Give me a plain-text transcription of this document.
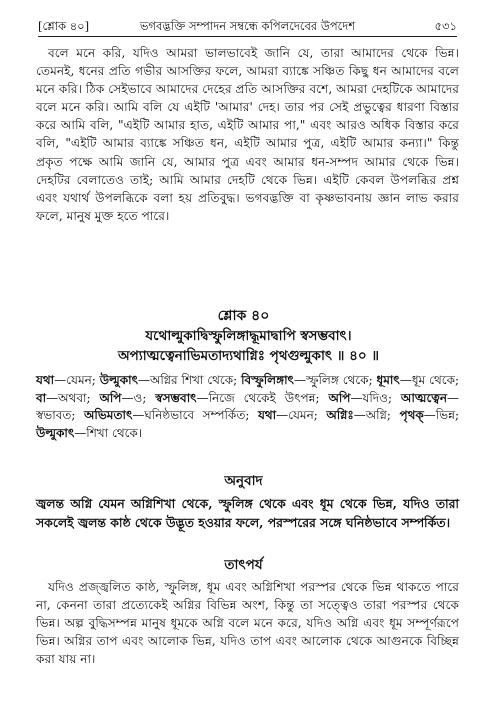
[শ্লোক ৪০]	ভগবদ্ভক্তি সম্পাদন সম্বন্ধে কপিলদেবের উপদেশ	৫৩১

বলে মনে করি, যদিও আমরা ভালভাবেই জানি যে, তারা আমাদের থেকে ভিন্ন। তেমনই, ধনের প্রতি গভীর আসক্তির ফলে, আমরা ব্যাঙ্কে সঞ্চিত কিছু ধন আমাদের বলে মনে করি। ঠিক সেইভাবে আমাদের দেহের প্রতি আসক্তির বশে, আমরা দেহটিকে আমাদের বলে মনে করি। আমি বলি যে এইটি 'আমার' দেহ। তার পর সেই প্রভুত্বের ধারণা বিস্তার করে আমি বলি, "এইটি আমার হাত, এইটি আমার পা," এবং আরও অধিক বিস্তার করে বলি, "এইটি আমার ব্যাঙ্কে সঞ্চিত ধন, এইটি আমার পুত্র, এইটি আমার কন্যা।" কিন্তু প্রকৃত পক্ষে আমি জানি যে, আমার পুত্র এবং আমার ধন-সম্পদ আমার থেকে ভিন্ন। দেহটির বেলাতেও তাই; আমি আমার দেহটি থেকে ভিন্ন। এইটি কেবল উপলব্ধির প্রশ্ন এবং যথার্থ উপলব্ধিকে বলা হয় প্রতিবুদ্ধ। ভগবদ্ভক্তি বা কৃষ্ণভাবনায় জ্ঞান লাভ করার ফলে, মানুষ মুক্ত হতে পারে।

শ্লোক ৪০
যথোল্মুকাদ্বিস্ফুলিঙ্গাদ্ধূমাদ্বাপি স্বসম্ভবাৎ।
অপ্যাত্মত্বেনাভিমতাদ্যথাগ্নিঃ পৃথগুল্মুকাৎ ॥ ৪০ ॥
যথা—যেমন; উল্মুকাৎ—অগ্নির শিখা থেকে; বিস্ফুলিঙ্গাৎ—স্ফুলিঙ্গ থেকে; ধূমাৎ—ধূম থেকে; বা—অথবা; অপি—ও; স্বসম্ভবাৎ—নিজে থেকেই উৎপন্ন; অপি—যদিও; আত্মত্বেন—স্বভাবত; অভিমতাৎ—ঘনিষ্ঠভাবে সম্পর্কিত; যথা—যেমন; অগ্নিঃ—অগ্নি; পৃথক্—ভিন্ন; উল্মুকাৎ—শিখা থেকে।
অনুবাদ
জ্বলন্ত অগ্নি যেমন অগ্নিশিখা থেকে, স্ফুলিঙ্গ থেকে এবং ধূম থেকে ভিন্ন, যদিও তারা সকলেই জ্বলন্ত কাষ্ঠ থেকে উদ্ভূত হওয়ার ফলে, পরস্পরের সঙ্গে ঘনিষ্ঠভাবে সম্পর্কিত।
তাৎপর্য

যদিও প্রজ্জ্বলিত কাষ্ঠ, স্ফুলিঙ্গ, ধূম এবং অগ্নিশিখা পরস্পর থেকে ভিন্ন থাকতে পারে না, কেননা তারা প্রত্যেকেই অগ্নির বিভিন্ন অংশ, কিন্তু তা সত্ত্বেও তারা পরস্পর থেকে ভিন্ন। অল্প বুদ্ধিসম্পন্ন মানুষ ধূমকে অগ্নি বলে মনে করে, যদিও অগ্নি এবং ধূম সম্পূর্ণরূপে ভিন্ন। অগ্নির তাপ এবং আলোক ভিন্ন, যদিও তাপ এবং আলোক থেকে আগুনকে বিচ্ছিন্ন করা যায় না।
